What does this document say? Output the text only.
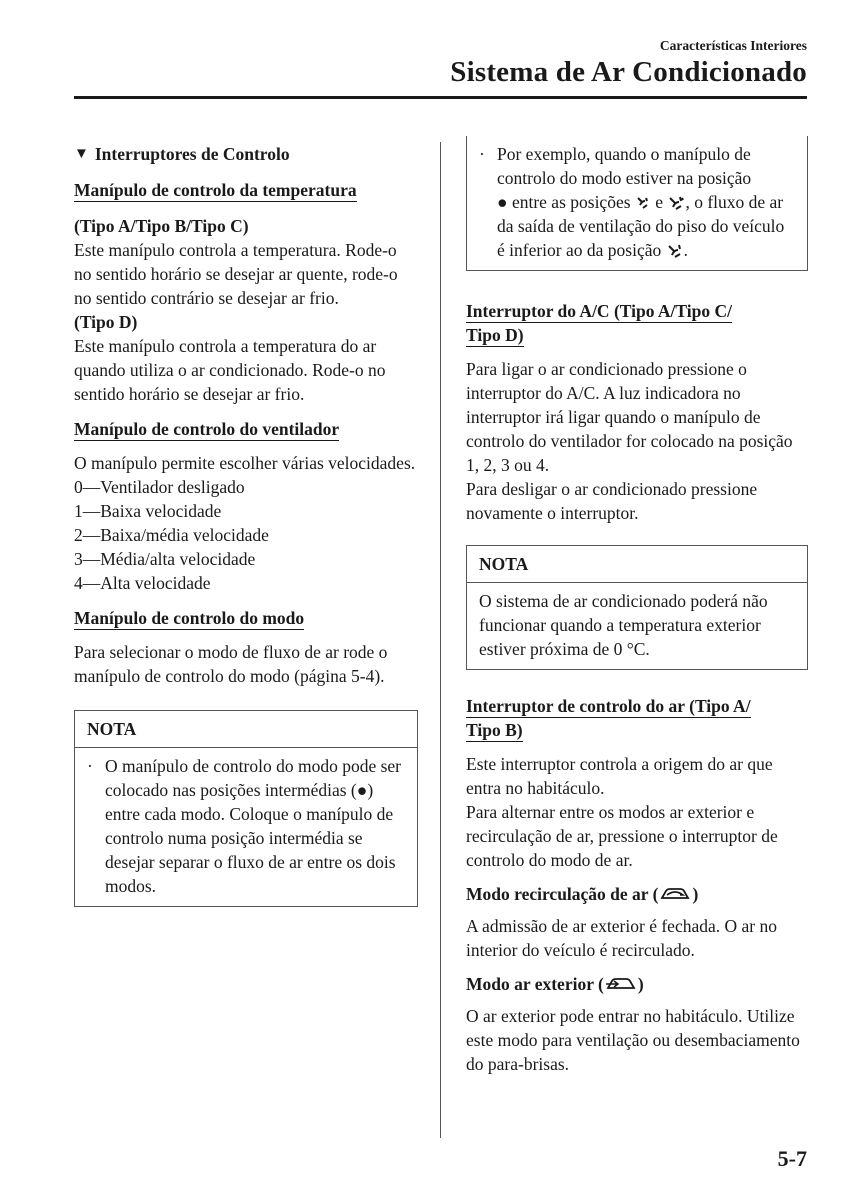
Características Interiores
Sistema de Ar Condicionado
▼ Interruptores de Controlo
Manípulo de controlo da temperatura

(Tipo A/Tipo B/Tipo C)

Este manípulo controla a temperatura. Rode-o no sentido horário se desejar ar quente, rode-o no sentido contrário se desejar ar frio.

(Tipo D)

Este manípulo controla a temperatura do ar quando utiliza o ar condicionado. Rode-o no sentido horário se desejar ar frio.

Manípulo de controlo do ventilador

O manípulo permite escolher várias velocidades.

0—Ventilador desligado

1—Baixa velocidade

2—Baixa/média velocidade

3—Média/alta velocidade

4—Alta velocidade

Manípulo de controlo do modo

Para selecionar o modo de fluxo de ar rode o manípulo de controlo do modo (página 5-4).

NOTA
· O manípulo de controlo do modo pode ser colocado nas posições intermédias (●) entre cada modo. Coloque o manípulo de controlo numa posição intermédia se desejar separar o fluxo de ar entre os dois modos.
· Por exemplo, quando o manípulo de controlo do modo estiver na posição
● entre as posições e , o fluxo de ar da saída de ventilação do piso do veículo é inferior ao da posição .
Interruptor do A/C (Tipo A/Tipo C/
Tipo D)

Para ligar o ar condicionado pressione o interruptor do A/C. A luz indicadora no interruptor irá ligar quando o manípulo de controlo do ventilador for colocado na posição 1, 2, 3 ou 4.

Para desligar o ar condicionado pressione novamente o interruptor.

NOTA
O sistema de ar condicionado poderá não funcionar quando a temperatura exterior estiver próxima de 0 °C.
Interruptor de controlo do ar (Tipo A/
Tipo B)

Este interruptor controla a origem do ar que entra no habitáculo.

Para alternar entre os modos ar exterior e recirculação de ar, pressione o interruptor de controlo do modo de ar.

Modo recirculação de ar ( )

A admissão de ar exterior é fechada. O ar no interior do veículo é recirculado.

Modo ar exterior ( )

O ar exterior pode entrar no habitáculo. Utilize este modo para ventilação ou desembaciamento do para-brisas.

5-7
